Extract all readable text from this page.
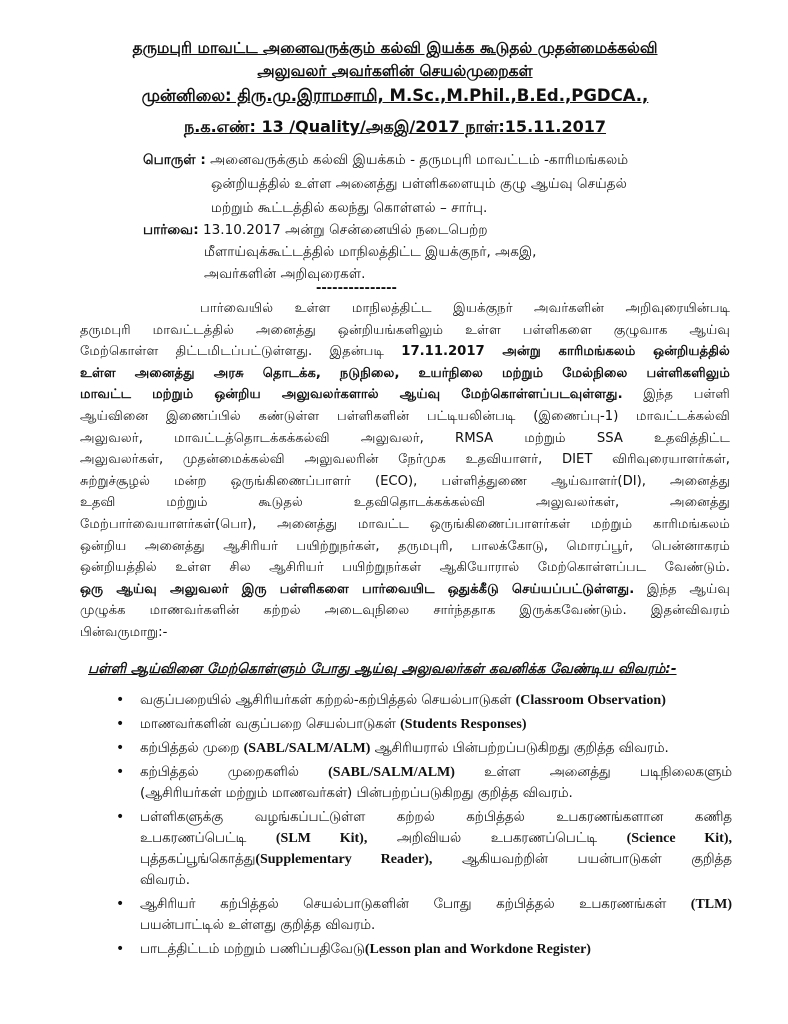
தருமபுரி மாவட்ட அனைவருக்கும் கல்வி இயக்க கூடுதல் முதன்மைக்கல்வி
அலுவலர் அவர்களின் செயல்முறைகள்
முன்னிலை: திரு.மு.இராமசாமி, M.Sc.,M.Phil.,B.Ed.,PGDCA.,
ந.க.எண்: 13 /Quality/அகஇ/2017 நாள்:15.11.2017
பொருள் : அனைவருக்கும் கல்வி இயக்கம் - தருமபுரி மாவட்டம் -காரிமங்கலம்
ஒன்றியத்தில் உள்ள அனைத்து பள்ளிகளையும் குழு ஆய்வு செய்தல்
மற்றும் கூட்டத்தில் கலந்து கொள்ளல் – சார்பு.
பார்வை: 13.10.2017 அன்று சென்னையில் நடைபெற்ற
மீளாய்வுக்கூட்டத்தில் மாநிலத்திட்ட இயக்குநர், அகஇ,
அவர்களின் அறிவுரைகள்.
---------------
பார்வையில் உள்ள மாநிலத்திட்ட இயக்குநர் அவர்களின் அறிவுரையின்படி
தருமபுரி மாவட்டத்தில் அனைத்து ஒன்றியங்களிலும் உள்ள பள்ளிகளை குழுவாக ஆய்வு
மேற்கொள்ள திட்டமிடப்பட்டுள்ளது. இதன்படி 17.11.2017 அன்று காரிமங்கலம் ஒன்றியத்தில்
உள்ள அனைத்து அரசு தொடக்க, நடுநிலை, உயர்நிலை மற்றும் மேல்நிலை பள்ளிகளிலும்
மாவட்ட மற்றும் ஒன்றிய அலுவலர்களால் ஆய்வு மேற்கொள்ளப்படவுள்ளது. இந்த பள்ளி
ஆய்வினை இணைப்பில் கண்டுள்ள பள்ளிகளின் பட்டியலின்படி (இணைப்பு-1) மாவட்டக்கல்வி
அலுவலர், மாவட்டத்தொடக்கக்கல்வி அலுவலர், RMSA மற்றும் SSA உதவித்திட்ட
அலுவலர்கள், முதன்மைக்கல்வி அலுவலரின் நேர்முக உதவியாளர், DIET விரிவுரையாளர்கள்,
சுற்றுச்சூழல் மன்ற ஒருங்கிணைப்பாளர் (ECO), பள்ளித்துணை ஆய்வாளர்(DI), அனைத்து
உதவி மற்றும் கூடுதல் உதவிதொடக்கக்கல்வி அலுவலர்கள், அனைத்து
மேற்பார்வையாளர்கள்(பொ), அனைத்து மாவட்ட ஒருங்கிணைப்பாளர்கள் மற்றும் காரிமங்கலம்
ஒன்றிய அனைத்து ஆசிரியர் பயிற்றுநர்கள், தருமபுரி, பாலக்கோடு, மொரப்பூர், பென்னாகரம்
ஒன்றியத்தில் உள்ள சில ஆசிரியர் பயிற்றுநர்கள் ஆகியோரால் மேற்கொள்ளப்பட வேண்டும்.
ஒரு ஆய்வு அலுவலர் இரு பள்ளிகளை பார்வையிட ஒதுக்கீடு செய்யப்பட்டுள்ளது. இந்த ஆய்வு
முழுக்க மாணவர்களின் கற்றல் அடைவுநிலை சார்ந்ததாக இருக்கவேண்டும். இதன்விவரம்
பின்வருமாறு:-
பள்ளி ஆய்வினை மேற்கொள்ளும் போது ஆய்வு அலுவலர்கள் கவனிக்க வேண்டிய விவரம்:-
• வகுப்பறையில் ஆசிரியர்கள் கற்றல்-கற்பித்தல் செயல்பாடுகள் (Classroom Observation)
• மாணவர்களின் வகுப்பறை செயல்பாடுகள் (Students Responses)
• கற்பித்தல் முறை (SABL/SALM/ALM) ஆசிரியரால் பின்பற்றப்படுகிறது குறித்த விவரம்.
• கற்பித்தல் முறைகளில் (SABL/SALM/ALM) உள்ள அனைத்து படிநிலைகளும்
(ஆசிரியர்கள் மற்றும் மாணவர்கள்) பின்பற்றப்படுகிறது குறித்த விவரம்.
• பள்ளிகளுக்கு வழங்கப்பட்டுள்ள கற்றல் கற்பித்தல் உபகரணங்களான கணித
உபகரணப்பெட்டி (SLM Kit), அறிவியல் உபகரணப்பெட்டி (Science Kit),
புத்தகப்பூங்கொத்து(Supplementary Reader), ஆகியவற்றின் பயன்பாடுகள் குறித்த
விவரம்.
• ஆசிரியர் கற்பித்தல் செயல்பாடுகளின் போது கற்பித்தல் உபகரணங்கள் (TLM)
பயன்பாட்டில் உள்ளது குறித்த விவரம்.
• பாடத்திட்டம் மற்றும் பணிப்பதிவேடு(Lesson plan and Workdone Register)
